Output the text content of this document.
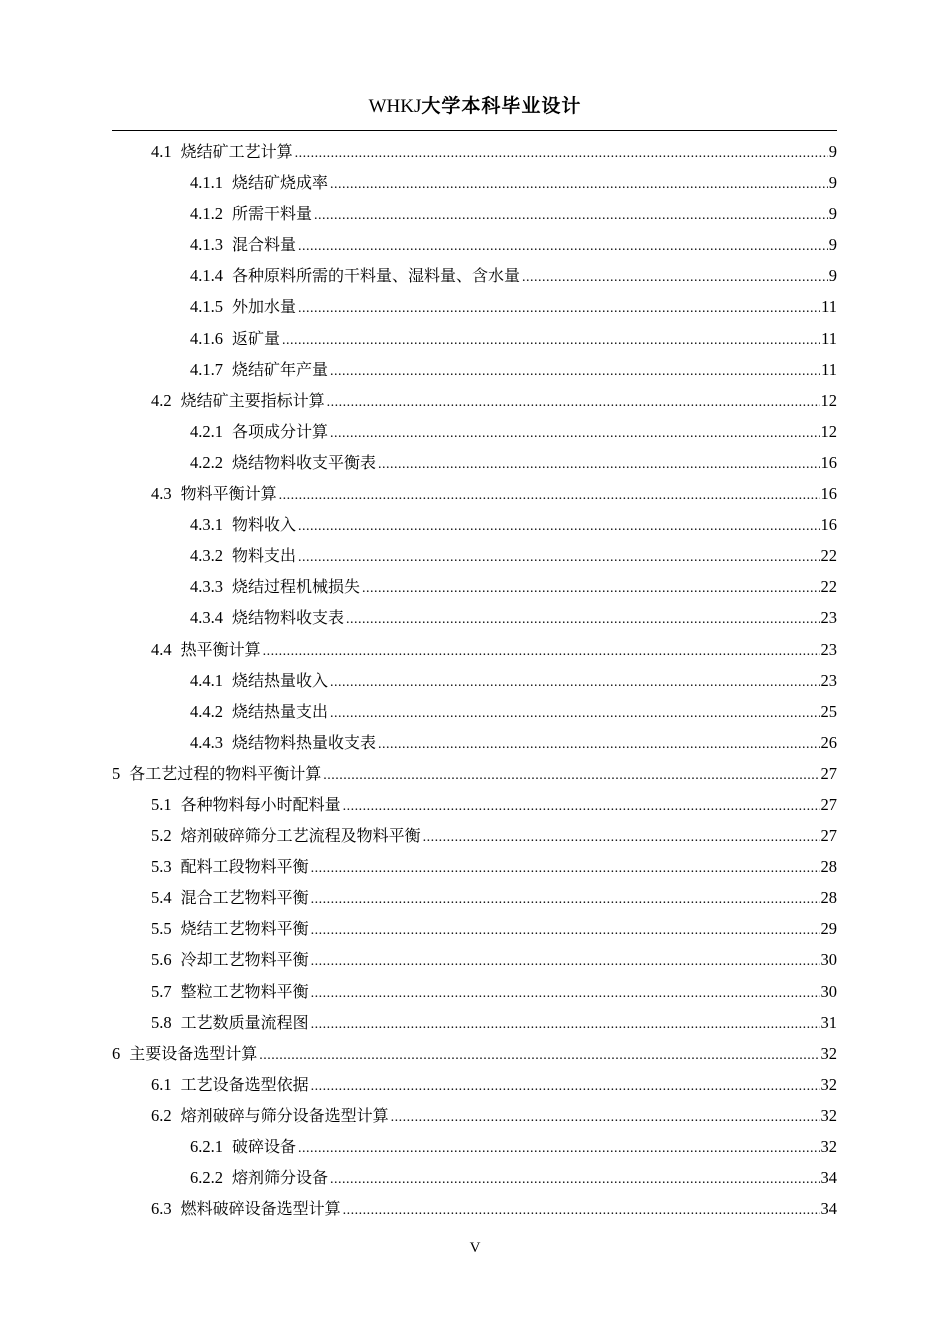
WHKJ大学本科毕业设计
4.1 烧结矿工艺计算 .....	9
4.1.1 烧结矿烧成率 .....	9
4.1.2 所需干料量 .....	9
4.1.3 混合料量 .....	9
4.1.4 各种原料所需的干料量、湿料量、含水量 .....	9
4.1.5 外加水量 .....	11
4.1.6 返矿量 .....	11
4.1.7 烧结矿年产量 .....	11
4.2 烧结矿主要指标计算 .....	12
4.2.1 各项成分计算 .....	12
4.2.2 烧结物料收支平衡表 .....	16
4.3 物料平衡计算 .....	16
4.3.1 物料收入 .....	16
4.3.2 物料支出 .....	22
4.3.3 烧结过程机械损失 .....	22
4.3.4 烧结物料收支表 .....	23
4.4 热平衡计算 .....	23
4.4.1 烧结热量收入 .....	23
4.4.2 烧结热量支出 .....	25
4.4.3 烧结物料热量收支表 .....	26
5 各工艺过程的物料平衡计算 .....	27
5.1 各种物料每小时配料量 .....	27
5.2 熔剂破碎筛分工艺流程及物料平衡 .....	27
5.3 配料工段物料平衡 .....	28
5.4 混合工艺物料平衡 .....	28
5.5 烧结工艺物料平衡 .....	29
5.6 冷却工艺物料平衡 .....	30
5.7 整粒工艺物料平衡 .....	30
5.8 工艺数质量流程图 .....	31
6 主要设备选型计算 .....	32
6.1 工艺设备选型依据 .....	32
6.2 熔剂破碎与筛分设备选型计算 .....	32
6.2.1 破碎设备 .....	32
6.2.2 熔剂筛分设备 .....	34
6.3 燃料破碎设备选型计算 .....	34
V
